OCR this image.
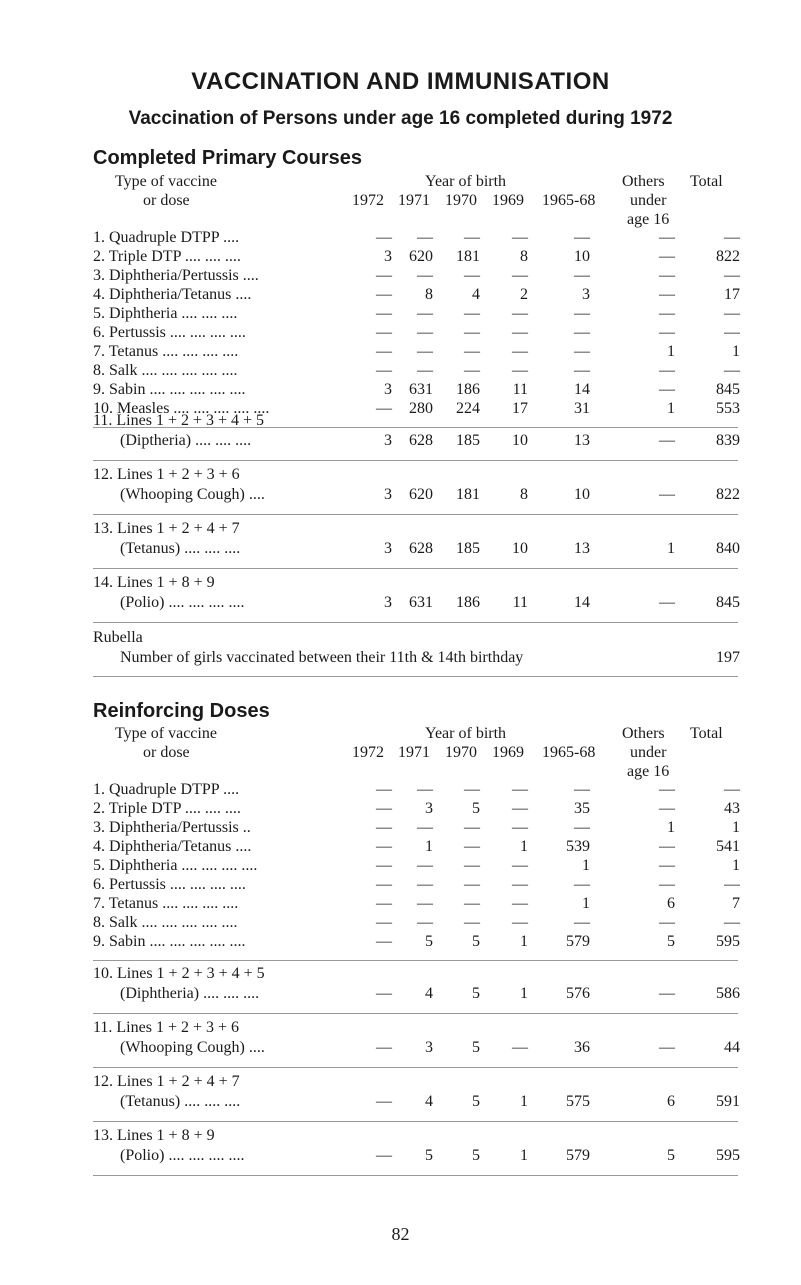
VACCINATION AND IMMUNISATION
Vaccination of Persons under age 16 completed during 1972
Completed Primary Courses
Type of vaccine
or dose
Year of birth
1972 1971 1970 1969 1965-68
Others
under
age 16
Total
1. Quadruple DTPP ....	—	—	—	—	—	—	—
2. Triple DTP .... .... ....	3	620	181	8	10	—	822
3. Diphtheria/Pertussis ....	—	—	—	—	—	—	—
4. Diphtheria/Tetanus ....	—	8	4	2	3	—	17
5. Diphtheria .... .... ....	—	—	—	—	—	—	—
6. Pertussis .... .... .... ....	—	—	—	—	—	—	—
7. Tetanus .... .... .... ....	—	—	—	—	—	1	1
8. Salk .... .... .... .... ....	—	—	—	—	—	—	—
9. Sabin .... .... .... .... ....	3	631	186	11	14	—	845
10. Measles .... .... .... .... ....	—	280	224	17	31	1	553
11. Lines 1 + 2 + 3 + 4 + 5
(Diptheria) .... .... ....	3	628	185	10	13	—	839
12. Lines 1 + 2 + 3 + 6
(Whooping Cough) ....	3	620	181	8	10	—	822
13. Lines 1 + 2 + 4 + 7
(Tetanus) .... .... ....	3	628	185	10	13	1	840
14. Lines 1 + 8 + 9
(Polio) .... .... .... ....	3	631	186	11	14	—	845
Rubella
Number of girls vaccinated between their 11th & 14th birthday	197
Reinforcing Doses
Type of vaccine
or dose
Year of birth
1972 1971 1970 1969 1965-68
Others
under
age 16
Total
1. Quadruple DTPP ....	—	—	—	—	—	—	—
2. Triple DTP .... .... ....	—	3	5	—	35	—	43
3. Diphtheria/Pertussis ..	—	—	—	—	—	1	1
4. Diphtheria/Tetanus ....	—	1	—	1	539	—	541
5. Diphtheria .... .... .... ....	—	—	—	—	1	—	1
6. Pertussis .... .... .... ....	—	—	—	—	—	—	—
7. Tetanus .... .... .... ....	—	—	—	—	1	6	7
8. Salk .... .... .... .... ....	—	—	—	—	—	—	—
9. Sabin .... .... .... .... ....	—	5	5	1	579	5	595
10. Lines 1 + 2 + 3 + 4 + 5
(Diphtheria) .... .... ....	—	4	5	1	576	—	586
11. Lines 1 + 2 + 3 + 6
(Whooping Cough) ....	—	3	5	—	36	—	44
12. Lines 1 + 2 + 4 + 7
(Tetanus) .... .... ....	—	4	5	1	575	6	591
13. Lines 1 + 8 + 9
(Polio) .... .... .... ....	—	5	5	1	579	5	595
82
